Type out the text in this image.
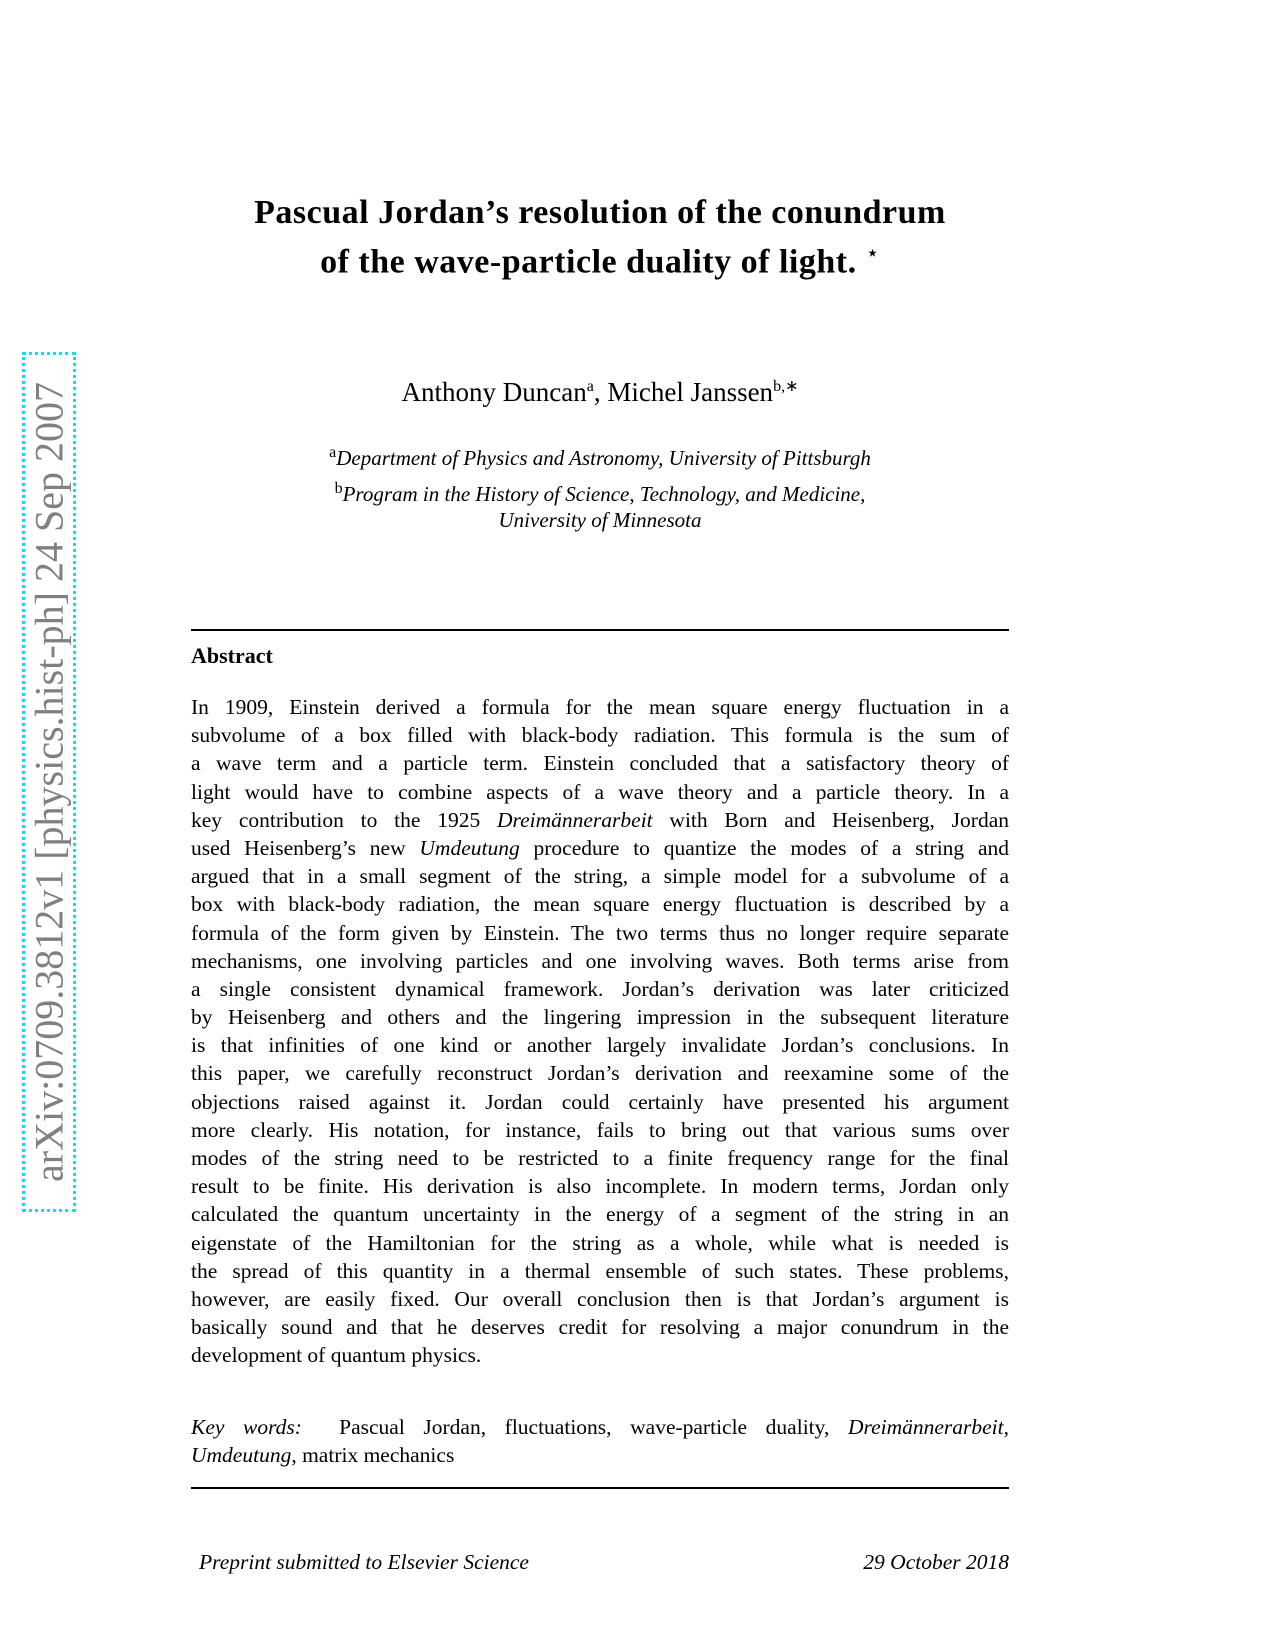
arXiv:0709.3812v1 [physics.hist-ph] 24 Sep 2007
Pascual Jordan’s resolution of the conundrum
of the wave-particle duality of light. ⋆
Anthony Duncan$^a$, Michel Janssen$^{b,∗}$
$^a$Department of Physics and Astronomy, University of Pittsburgh
$^b$Program in the History of Science, Technology, and Medicine,
University of Minnesota
Abstract
In 1909, Einstein derived a formula for the mean square energy fluctuation in a
subvolume of a box filled with black-body radiation. This formula is the sum of
a wave term and a particle term. Einstein concluded that a satisfactory theory of
light would have to combine aspects of a wave theory and a particle theory. In a
key contribution to the 1925 Dreimännerarbeit with Born and Heisenberg, Jordan
used Heisenberg’s new Umdeutung procedure to quantize the modes of a string and
argued that in a small segment of the string, a simple model for a subvolume of a
box with black-body radiation, the mean square energy fluctuation is described by a
formula of the form given by Einstein. The two terms thus no longer require separate
mechanisms, one involving particles and one involving waves. Both terms arise from
a single consistent dynamical framework. Jordan’s derivation was later criticized
by Heisenberg and others and the lingering impression in the subsequent literature
is that infinities of one kind or another largely invalidate Jordan’s conclusions. In
this paper, we carefully reconstruct Jordan’s derivation and reexamine some of the
objections raised against it. Jordan could certainly have presented his argument
more clearly. His notation, for instance, fails to bring out that various sums over
modes of the string need to be restricted to a finite frequency range for the final
result to be finite. His derivation is also incomplete. In modern terms, Jordan only
calculated the quantum uncertainty in the energy of a segment of the string in an
eigenstate of the Hamiltonian for the string as a whole, while what is needed is
the spread of this quantity in a thermal ensemble of such states. These problems,
however, are easily fixed. Our overall conclusion then is that Jordan’s argument is
basically sound and that he deserves credit for resolving a major conundrum in the
development of quantum physics.
Key words: Pascual Jordan, fluctuations, wave-particle duality, Dreimännerarbeit,
Umdeutung, matrix mechanics
Preprint submitted to Elsevier Science	29 October 2018
